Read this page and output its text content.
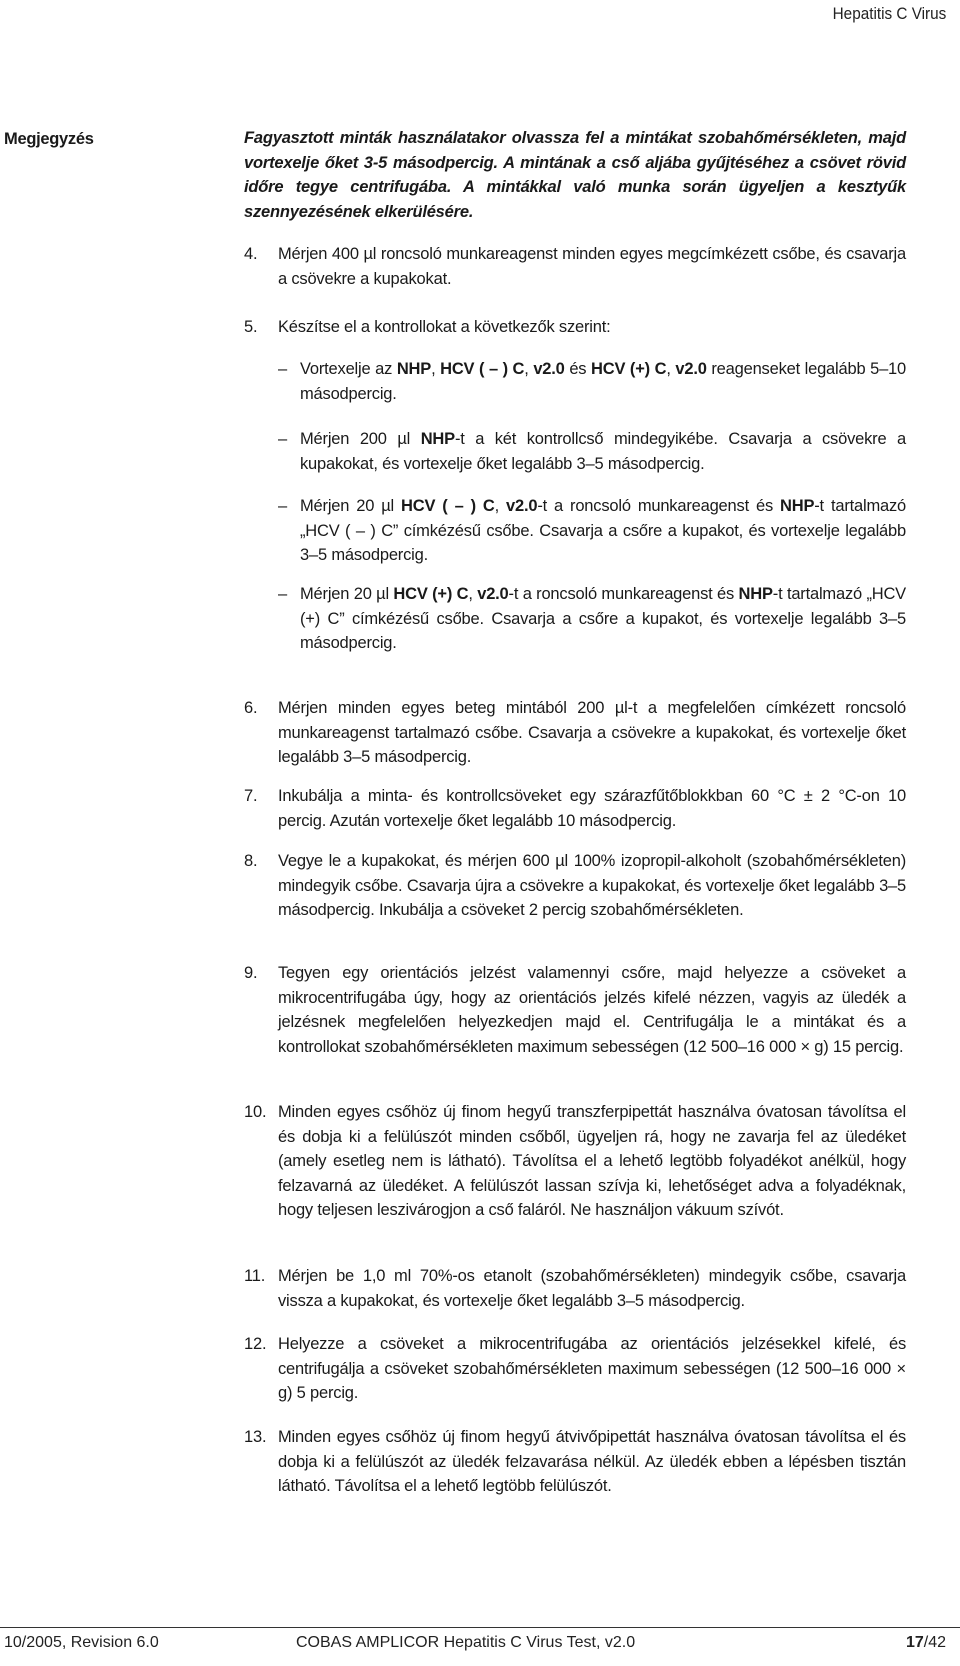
Hepatitis C Virus
Megjegyzés	Fagyasztott minták használatakor olvassza fel a mintákat szobahőmérsékleten, majd vortexelje őket 3-5 másodpercig. A mintának a cső aljába gyűjtéséhez a csövet rövid időre tegye centrifugába. A mintákkal való munka során ügyeljen a kesztyűk szennyezésének elkerülésére.
4. Mérjen 400 µl roncsoló munkareagenst minden egyes megcímkézett csőbe, és csavarja a csövekre a kupakokat.
5. Készítse el a kontrollokat a következők szerint:
– Vortexelje az NHP, HCV ( – ) C, v2.0 és HCV (+) C, v2.0 reagenseket legalább 5–10 másodpercig.
– Mérjen 200 µl NHP-t a két kontrollcső mindegyikébe. Csavarja a csövekre a kupakokat, és vortexelje őket legalább 3–5 másodpercig.
– Mérjen 20 µl HCV ( – ) C, v2.0-t a roncsoló munkareagenst és NHP-t tartalmazó „HCV ( – ) C” címkézésű csőbe. Csavarja a csőre a kupakot, és vortexelje legalább 3–5 másodpercig.
– Mérjen 20 µl HCV (+) C, v2.0-t a roncsoló munkareagenst és NHP-t tartalmazó „HCV (+) C” címkézésű csőbe. Csavarja a csőre a kupakot, és vortexelje legalább 3–5 másodpercig.
6. Mérjen minden egyes beteg mintából 200 µl-t a megfelelően címkézett roncsoló munkareagenst tartalmazó csőbe. Csavarja a csövekre a kupakokat, és vortexelje őket legalább 3–5 másodpercig.
7. Inkubálja a minta- és kontrollcsöveket egy szárazfűtőblokkban 60 °C ± 2 °C-on 10 percig. Azután vortexelje őket legalább 10 másodpercig.
8. Vegye le a kupakokat, és mérjen 600 µl 100% izopropil-alkoholt (szobahőmérsékleten) mindegyik csőbe. Csavarja újra a csövekre a kupakokat, és vortexelje őket legalább 3–5 másodpercig. Inkubálja a csöveket 2 percig szobahőmérsékleten.
9. Tegyen egy orientációs jelzést valamennyi csőre, majd helyezze a csöveket a mikrocentrifugába úgy, hogy az orientációs jelzés kifelé nézzen, vagyis az üledék a jelzésnek megfelelően helyezkedjen majd el. Centrifugálja le a mintákat és a kontrollokat szobahőmérsékleten maximum sebességen (12 500–16 000 × g) 15 percig.
10. Minden egyes csőhöz új finom hegyű transzferpipettát használva óvatosan távolítsa el és dobja ki a felülúszót minden csőből, ügyeljen rá, hogy ne zavarja fel az üledéket (amely esetleg nem is látható). Távolítsa el a lehető legtöbb folyadékot anélkül, hogy felzavarná az üledéket. A felülúszót lassan szívja ki, lehetőséget adva a folyadéknak, hogy teljesen leszivárogjon a cső faláról. Ne használjon vákuum szívót.
11. Mérjen be 1,0 ml 70%-os etanolt (szobahőmérsékleten) mindegyik csőbe, csavarja vissza a kupakokat, és vortexelje őket legalább 3–5 másodpercig.
12. Helyezze a csöveket a mikrocentrifugába az orientációs jelzésekkel kifelé, és centrifugálja a csöveket szobahőmérsékleten maximum sebességen (12 500–16 000 × g) 5 percig.
13. Minden egyes csőhöz új finom hegyű átvivőpipettát használva óvatosan távolítsa el és dobja ki a felülúszót az üledék felzavarása nélkül. Az üledék ebben a lépésben tisztán látható. Távolítsa el a lehető legtöbb felülúszót.
10/2005, Revision 6.0	COBAS AMPLICOR Hepatitis C Virus Test, v2.0	17/42
